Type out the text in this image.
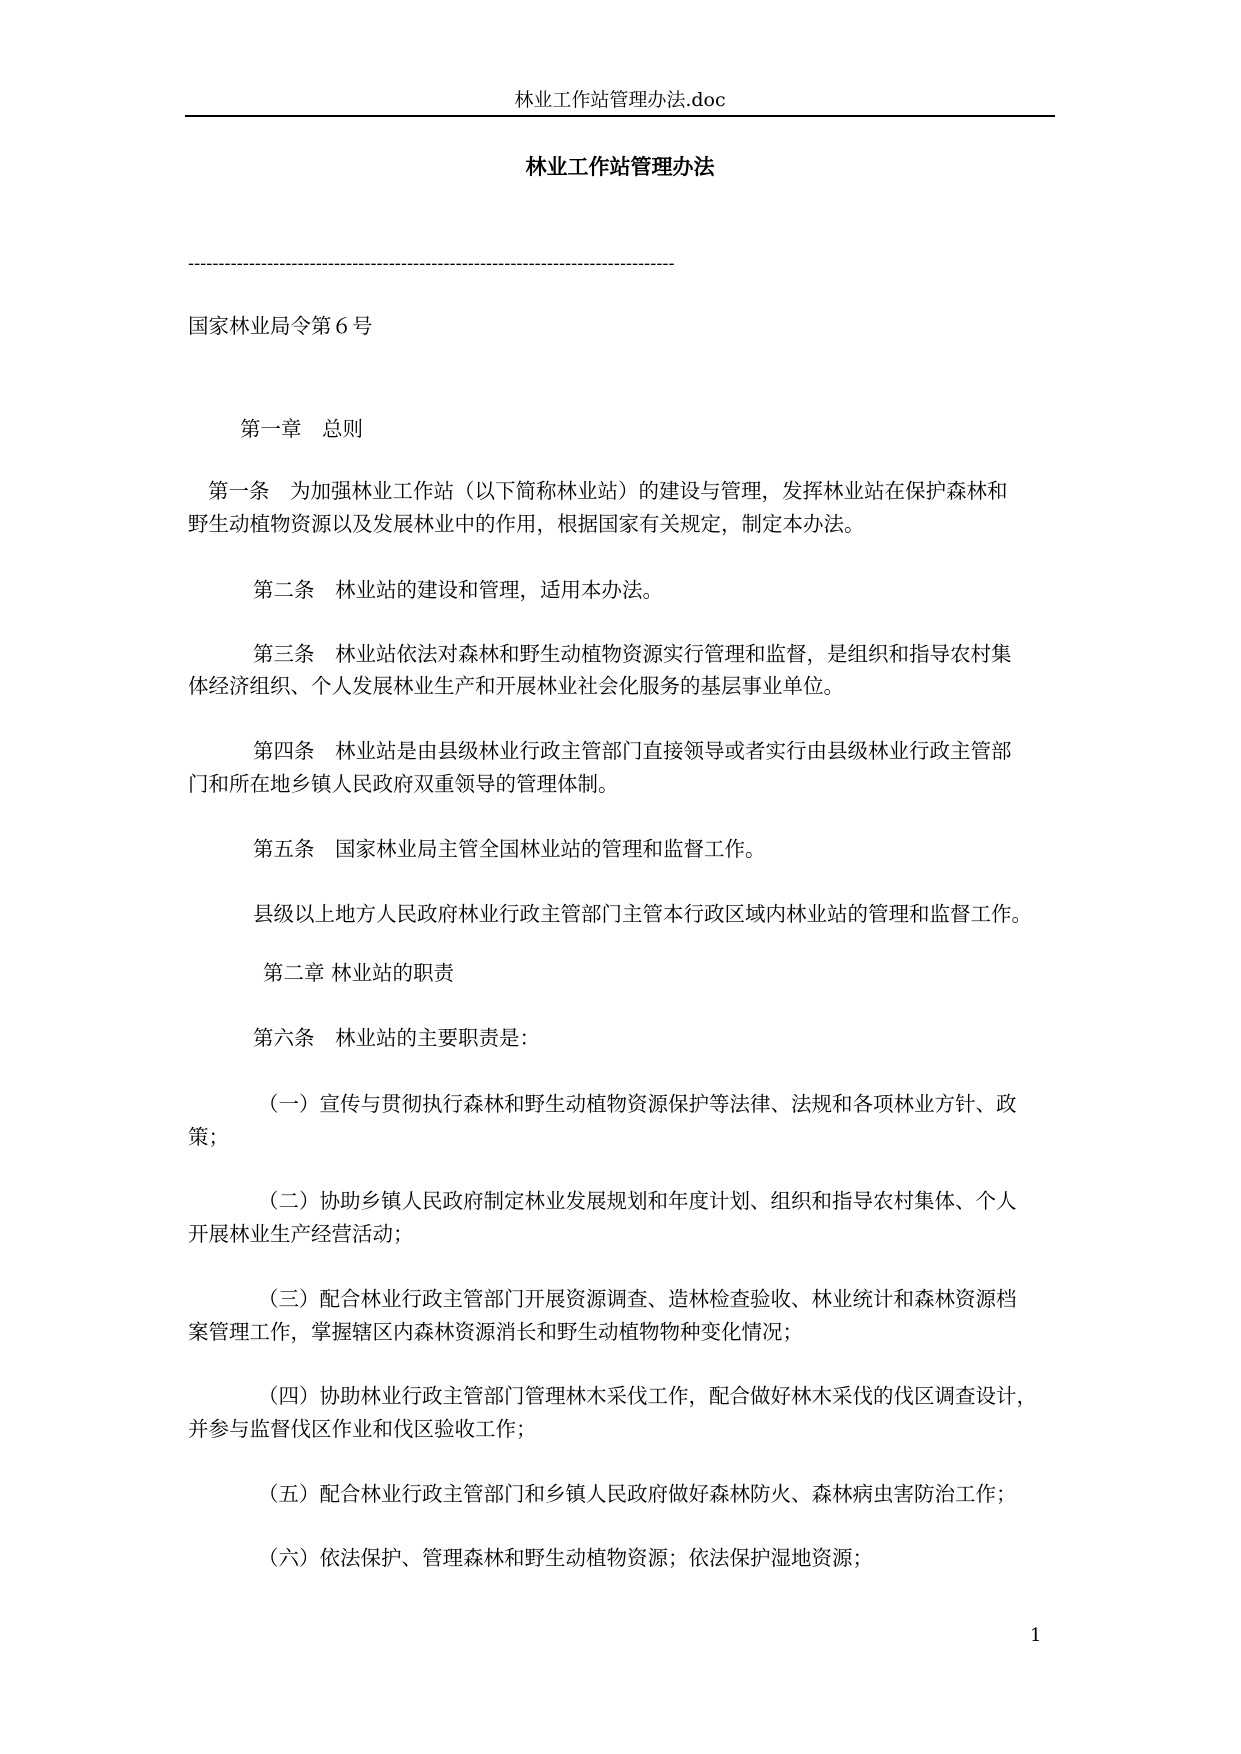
林业工作站管理办法.doc
林业工作站管理办法
--------------------------------------------------------------------------------
国家林业局令第６号
第一章　总则
第一条　为加强林业工作站（以下简称林业站）的建设与管理，发挥林业站在保护森林和
野生动植物资源以及发展林业中的作用，根据国家有关规定，制定本办法。
第二条　林业站的建设和管理，适用本办法。
第三条　林业站依法对森林和野生动植物资源实行管理和监督，是组织和指导农村集
体经济组织、个人发展林业生产和开展林业社会化服务的基层事业单位。
第四条　林业站是由县级林业行政主管部门直接领导或者实行由县级林业行政主管部
门和所在地乡镇人民政府双重领导的管理体制。
第五条　国家林业局主管全国林业站的管理和监督工作。
县级以上地方人民政府林业行政主管部门主管本行政区域内林业站的管理和监督工作。
第二章 林业站的职责
第六条　林业站的主要职责是：
（一）宣传与贯彻执行森林和野生动植物资源保护等法律、法规和各项林业方针、政
策；
（二）协助乡镇人民政府制定林业发展规划和年度计划、组织和指导农村集体、个人
开展林业生产经营活动；
（三）配合林业行政主管部门开展资源调查、造林检查验收、林业统计和森林资源档
案管理工作，掌握辖区内森林资源消长和野生动植物物种变化情况；
（四）协助林业行政主管部门管理林木采伐工作，配合做好林木采伐的伐区调查设计，
并参与监督伐区作业和伐区验收工作；
（五）配合林业行政主管部门和乡镇人民政府做好森林防火、森林病虫害防治工作；
（六）依法保护、管理森林和野生动植物资源；依法保护湿地资源；
1
